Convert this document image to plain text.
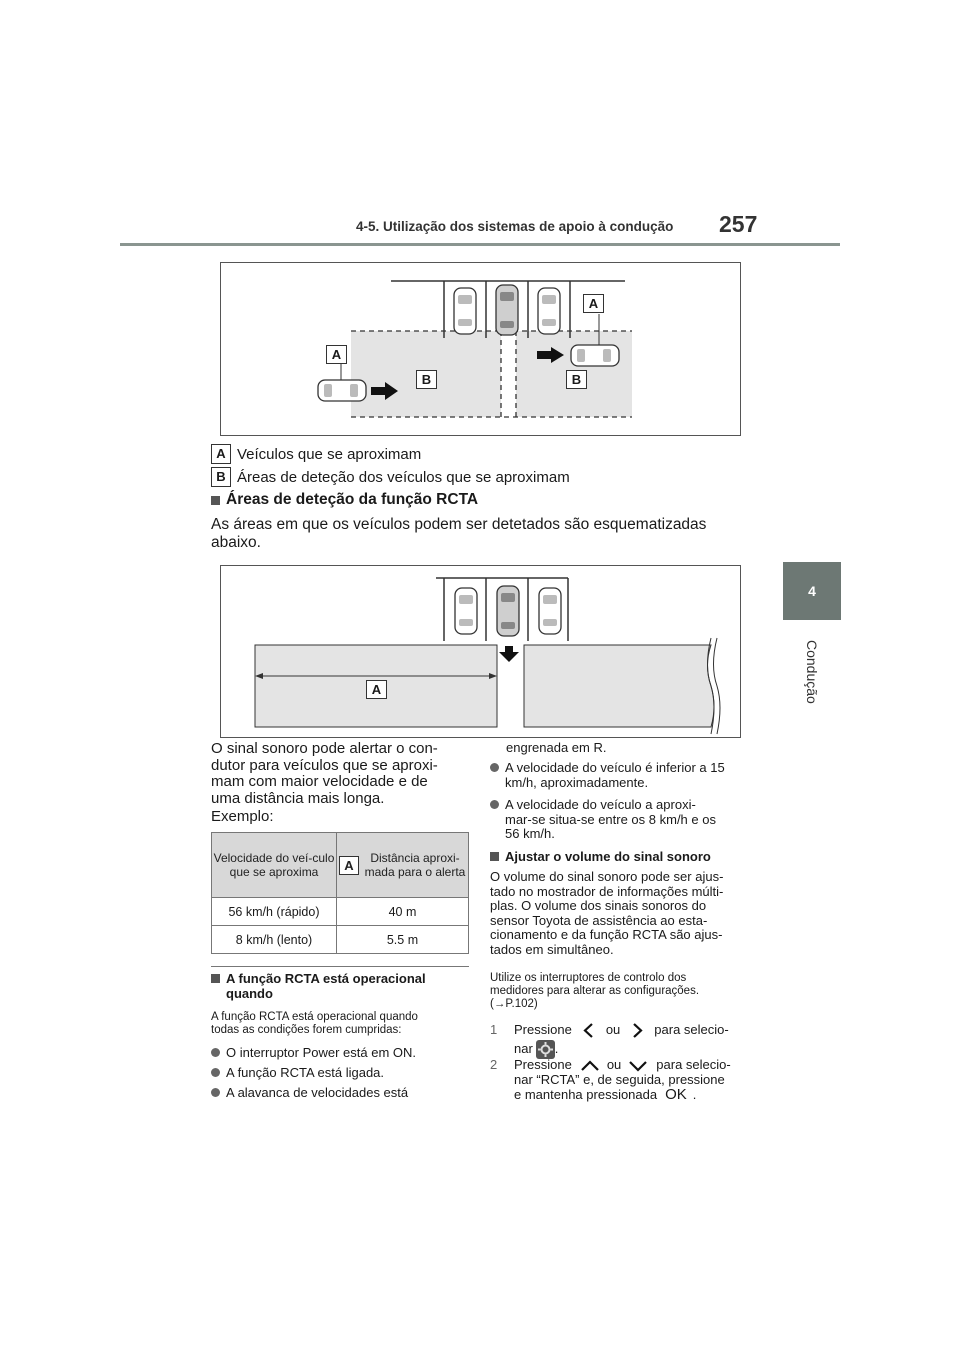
4-5. Utilização dos sistemas de apoio à condução 257
4
Condução
A
A
B	B
A Veículos que se aproximam
B Áreas de deteção dos veículos que se aproximam
Áreas de deteção da função RCTA
As áreas em que os veículos podem ser detetados são esquematizadas abaixo.
A
O sinal sonoro pode alertar o con-
dutor para veículos que se aproxi-
mam com maior velocidade e de
uma distância mais longa.
Exemplo:
Velocidade do veí-culo que se aproxima	A Distância aproxi-mada para o alerta

56 km/h (rápido)	40 m
8 km/h (lento)	5.5 m
A função RCTA está operacional
quando
A função RCTA está operacional quando
todas as condições forem cumpridas:
O interruptor Power está em ON.
A função RCTA está ligada.
A alavanca de velocidades está
engrenada em R.
A velocidade do veículo é inferior a 15
km/h, aproximadamente.
A velocidade do veículo a aproxi-
mar-se situa-se entre os 8 km/h e os
56 km/h.
Ajustar o volume do sinal sonoro
O volume do sinal sonoro pode ser ajus-
tado no mostrador de informações múlti-
plas. O volume dos sinais sonoros do
sensor Toyota de assistência ao esta-
cionamento e da função RCTA são ajus-
tados em simultâneo.
Utilize os interruptores de controlo dos
medidores para alterar as configurações.
(→P.102)
1	Pressione	ou	para selecio-
nar .
2	Pressione	ou	para selecio-
nar “RCTA” e, de seguida, pressione
e mantenha pressionada OK .
